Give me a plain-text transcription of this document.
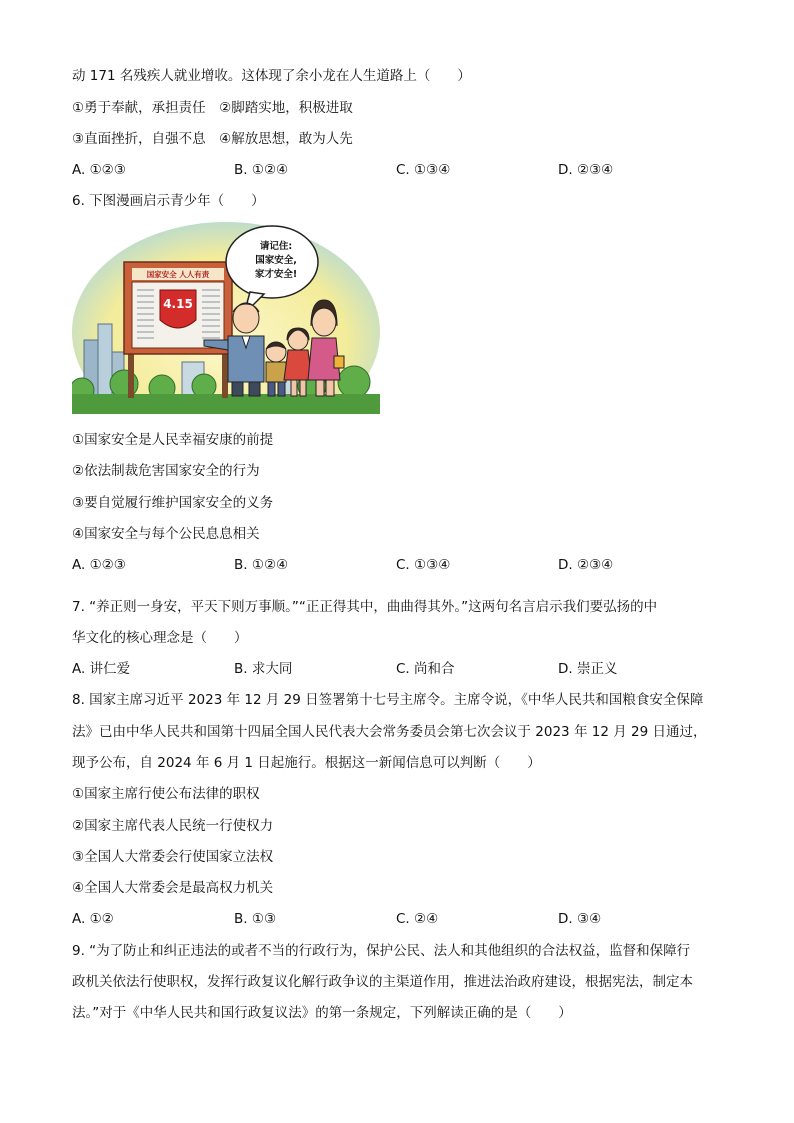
动 171 名残疾人就业增收。这体现了余小龙在人生道路上（　　）
①勇于奉献，承担责任　②脚踏实地，积极进取
③直面挫折，自强不息　④解放思想，敢为人先
A. ①②③	B. ①②④	C. ①③④	D. ②③④
6. 下图漫画启示青少年（　　）
国家安全 人人有责
4.15
请记住:
国家安全,
家才安全!
①国家安全是人民幸福安康的前提
②依法制裁危害国家安全的行为
③要自觉履行维护国家安全的义务
④国家安全与每个公民息息相关
A. ①②③	B. ①②④	C. ①③④	D. ②③④
7. “养正则一身安，平天下则万事顺。”“正正得其中，曲曲得其外。”这两句名言启示我们要弘扬的中
华文化的核心理念是（　　）
A. 讲仁爱	B. 求大同	C. 尚和合	D. 崇正义
8. 国家主席习近平 2023 年 12 月 29 日签署第十七号主席令。主席令说，《中华人民共和国粮食安全保障
法》已由中华人民共和国第十四届全国人民代表大会常务委员会第七次会议于 2023 年 12 月 29 日通过，
现予公布，自 2024 年 6 月 1 日起施行。根据这一新闻信息可以判断（　　）
①国家主席行使公布法律的职权
②国家主席代表人民统一行使权力
③全国人大常委会行使国家立法权
④全国人大常委会是最高权力机关
A. ①②	B. ①③	C. ②④	D. ③④
9. “为了防止和纠正违法的或者不当的行政行为，保护公民、法人和其他组织的合法权益，监督和保障行
政机关依法行使职权，发挥行政复议化解行政争议的主渠道作用，推进法治政府建设，根据宪法，制定本
法。”对于《中华人民共和国行政复议法》的第一条规定，下列解读正确的是（　　）
